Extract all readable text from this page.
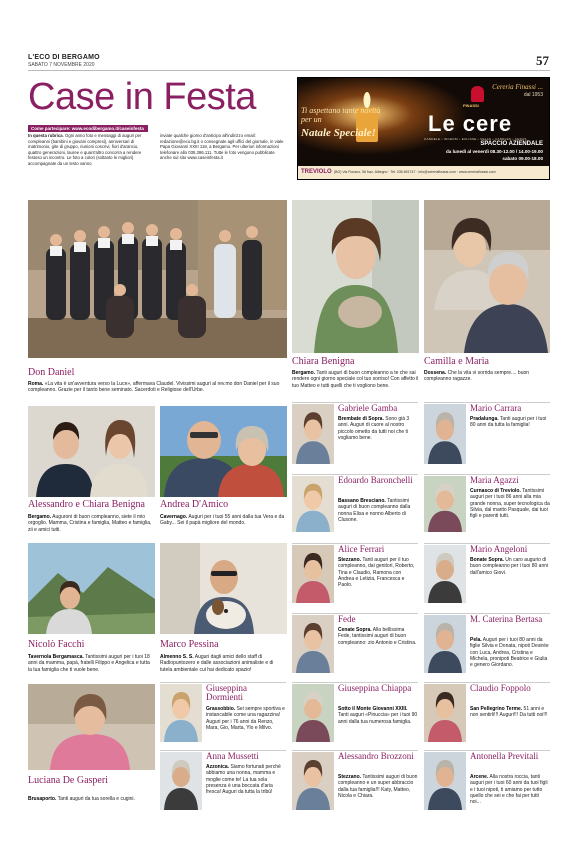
L'ECO DI BERGAMO
SABATO 7 NOVEMBRE 2020	57
Case in Festa
Come partecipare: www.ecodibergamo.it/caseinfesta
In questa rubrica. Ogni anno foto e messaggi di auguri per compleanni (bambini e giovani compresi), anniversari di matrimonio, gite di gruppo, riunioni coscrivi, fiori d'arancio, quattro generazioni, lauree e quant'altro concorra a rendere festoso un incontro. Le foto a colori (soltanto le migliori) accompagnate da un testo vanno
inviate qualche giorno d'anticipo all'indirizzo email: redazione@eco.bg.it o consegnate agli uffici del giornale, in viale Papa Giovanni XXIII 118, a Bergamo. Per ulteriori informazioni telefonare allo 035.386.111. Tutte le foto vengono pubblicate anche sul sito www.caseinfesta.it
Ti aspettano tante novità per un
Natale Speciale!
Cereria Finassi ...
dal 1953
FINASSI
Le cere
CANDELE • INCENSI • ECLISSE • VELAS • CANDLES • CERAS
SPACCIO AZIENDALE
da lunedì al venerdì 08.30-12.00 / 14.00-19.00
sabato 09.00-18.00
TREVIOLO (BG) Via Fiorano, 56 fraz. Albegno · Tel. 035.691747 · info@cereriafinassi.com · www.cereriafinassi.com
Don Daniel
Roma. «La vita è un'avventura verso la Luce», affermava Claudel. Vivissimi auguri al rev.mo don Daniel per il suo compleanno. Grazie per il tanto bene seminato. Sacerdoti e Religiose dell'Urbe.
Chiara Benigna
Bergamo. Tanti auguri di buon compleanno a te che sai rendere ogni giorno speciale col tuo sorriso! Con affetto il tuo Matteo e tutti quelli che ti vogliono bene.
Camilla e Maria
Dossena. Che la vita vi sorrida sempre.... buon compleanno ragazze.
Alessandro e Chiara Benigna
Bergamo. Auguroni di buon compleanno, siete il mio orgoglio. Mamma, Cristina e famiglia, Matteo e famiglia, zii e amici tutti.
Andrea D'Amico
Cavernago. Auguri per i tuoi 55 anni dalla tua Vera e da Gaby... Sei il papà migliore del mondo.
Nicolò Facchi
Tavernola Bergamasca. Tantissimi auguri per i tuoi 18 anni da mamma, papà, fratelli Filippo e Angelica e tutta la tua famiglia che ti vuole bene.
Marco Pessina
Almenno S. S. Auguri dagli amici dello staff di Radiopuntozero e dalle associazioni animaliste e di tutela ambientale cui hai dedicato spazio!
Luciana De Gasperi
Brusaporto. Tanti auguri da tua sorella e cugini.
Gabriele Gamba
Brembate di Sopra. Sono già 3 anni. Auguri di cuore al nostro piccolo ometto da tutti noi che ti vogliamo bene.
Mario Carrara
Pradalunga. Tanti auguri per i tuoi 80 anni da tutta la famiglia!
Edoardo Baronchelli
Bassano Bresciano. Tantissimi auguri di buon compleanno dalla nonna Elisa e nonno Alberto di Clusone.
Maria Agazzi
Curnasco di Treviolo. Tantissimi auguri per i tuoi 86 anni alla mia grande nonna, super tecnologica da Silvia, dal marito Pasquale, dai tuoi figli e parenti tutti.
Alice Ferrari
Stezzano. Tanti auguri per il tuo compleanno, dai genitori, Roberto, Tina e Claudio, Ramona con Andrea e Letizia, Francesca e Paolo.
Mario Angeloni
Bonate Sopra. Un caro augurio di buon compleanno per i tuoi 80 anni dall'amico Giovi.
Fede
Cenate Sopra. Alla bellissima Fede, tantissimi auguri di buon compleanno: zio Antonio e Cristina.
M. Caterina Bertasa
Pela. Auguri per i tuoi 80 anni da figlie Silvia e Donata, nipoti Desirée con Luca, Andrea, Cristina e Michela, pronipoti Beatrice e Giulia e genero Giordano.
Giuseppina Dormienti
Grassobbio. Sei sempre sportiva e instancabile come una ragazzina! Auguri per i 76 anni da Renzo, Mara, Gio, Marta, Ylo e Milvo.
Giuseppina Chiappa
Sotto il Monte Giovanni XXIII. Tanti auguri «Pinuccia» per i tuoi 90 anni dalla tua numerosa famiglia.
Claudio Foppolo
San Pellegrino Terme. 51 anni e non sentirli!!! Auguri!!! Da tutti noi!!!
Anna Mussetti
Azzonica. Siamo fortunati perché abbiamo una nonna, mamma e moglie come te! La tua sola presenza è una boccata d'aria fresca! Auguri da tutta la tribù!
Alessandro Brozzoni
Stezzano. Tantissimi auguri di buon compleanno e un super abbraccio dalla tua famiglia!!! Katy, Matteo, Nicola e Chiara.
Antonella Previtali
Arcene. Alla nostra roccia, tanti auguri per i tuoi 60 anni da tuoi figli e i tuoi nipoti, ti amiamo per tutto quello che sei e che fai per tutti noi...
